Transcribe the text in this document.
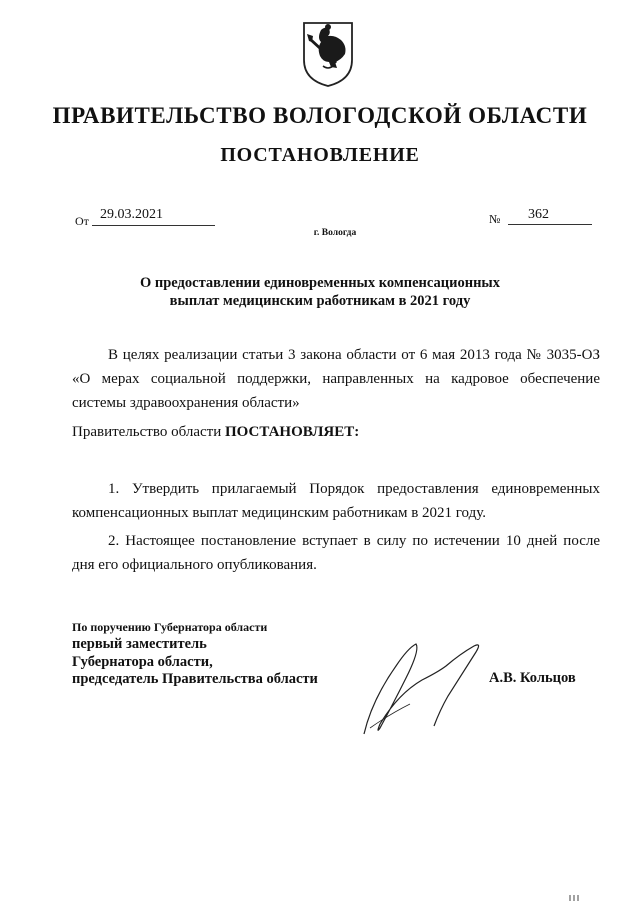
ПРАВИТЕЛЬСТВО ВОЛОГОДСКОЙ ОБЛАСТИ
ПОСТАНОВЛЕНИЕ
От 29.03.2021	№	362
г. Вологда
О предоставлении единовременных компенсационных
выплат медицинским работникам в 2021 году
В целях реализации статьи 3 закона области от 6 мая 2013 года № 3035-ОЗ «О мерах социальной поддержки, направленных на кадровое обеспечение системы здравоохранения области»
Правительство области ПОСТАНОВЛЯЕТ:
1. Утвердить прилагаемый Порядок предоставления единовременных компенсационных выплат медицинским работникам в 2021 году.
2. Настоящее постановление вступает в силу по истечении 10 дней после дня его официального опубликования.
По поручению Губернатора области
первый заместитель
Губернатора области,
председатель Правительства области	А.В. Кольцов
